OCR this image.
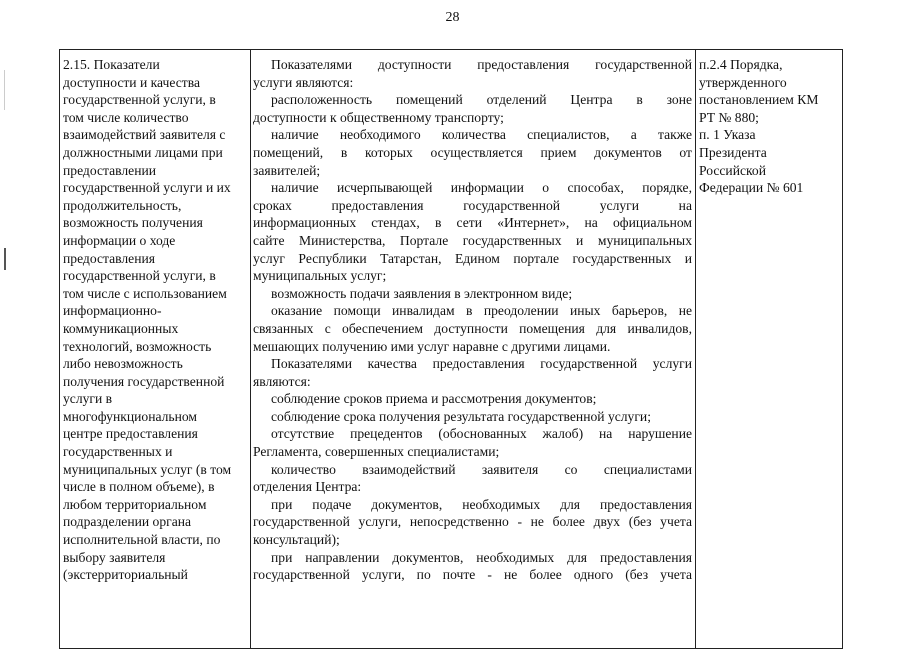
28
2.15. Показатели
доступности и качества
государственной услуги, в
том числе количество
взаимодействий заявителя с
должностными лицами при
предоставлении
государственной услуги и их
продолжительность,
возможность получения
информации о ходе
предоставления
государственной услуги, в
том числе с использованием
информационно-
коммуникационных
технологий, возможность
либо невозможность
получения государственной
услуги в
многофункциональном
центре предоставления
государственных и
муниципальных услуг (в том
числе в полном объеме), в
любом территориальном
подразделении органа
исполнительной власти, по
выбору заявителя
(экстерриториальный

Показателями доступности предоставления государственной
услуги являются:
расположенность помещений отделений Центра в зоне
доступности к общественному транспорту;
наличие необходимого количества специалистов, а также
помещений, в которых осуществляется прием документов от
заявителей;
наличие исчерпывающей информации о способах, порядке,
сроках предоставления государственной услуги на
информационных стендах, в сети «Интернет», на официальном
сайте Министерства, Портале государственных и муниципальных
услуг Республики Татарстан, Едином портале государственных и
муниципальных услуг;
возможность подачи заявления в электронном виде;
оказание помощи инвалидам в преодолении иных барьеров, не
связанных с обеспечением доступности помещения для инвалидов,
мешающих получению ими услуг наравне с другими лицами.
Показателями качества предоставления государственной услуги
являются:
соблюдение сроков приема и рассмотрения документов;
соблюдение срока получения результата государственной услуги;
отсутствие прецедентов (обоснованных жалоб) на нарушение
Регламента, совершенных специалистами;
количество взаимодействий заявителя со специалистами
отделения Центра:
при подаче документов, необходимых для предоставления
государственной услуги, непосредственно - не более двух (без учета
консультаций);
при направлении документов, необходимых для предоставления
государственной услуги, по почте - не более одного (без учета

п.2.4 Порядка,
утвержденного
постановлением КМ
РТ № 880;
п. 1 Указа
Президента
Российской
Федерации № 601
